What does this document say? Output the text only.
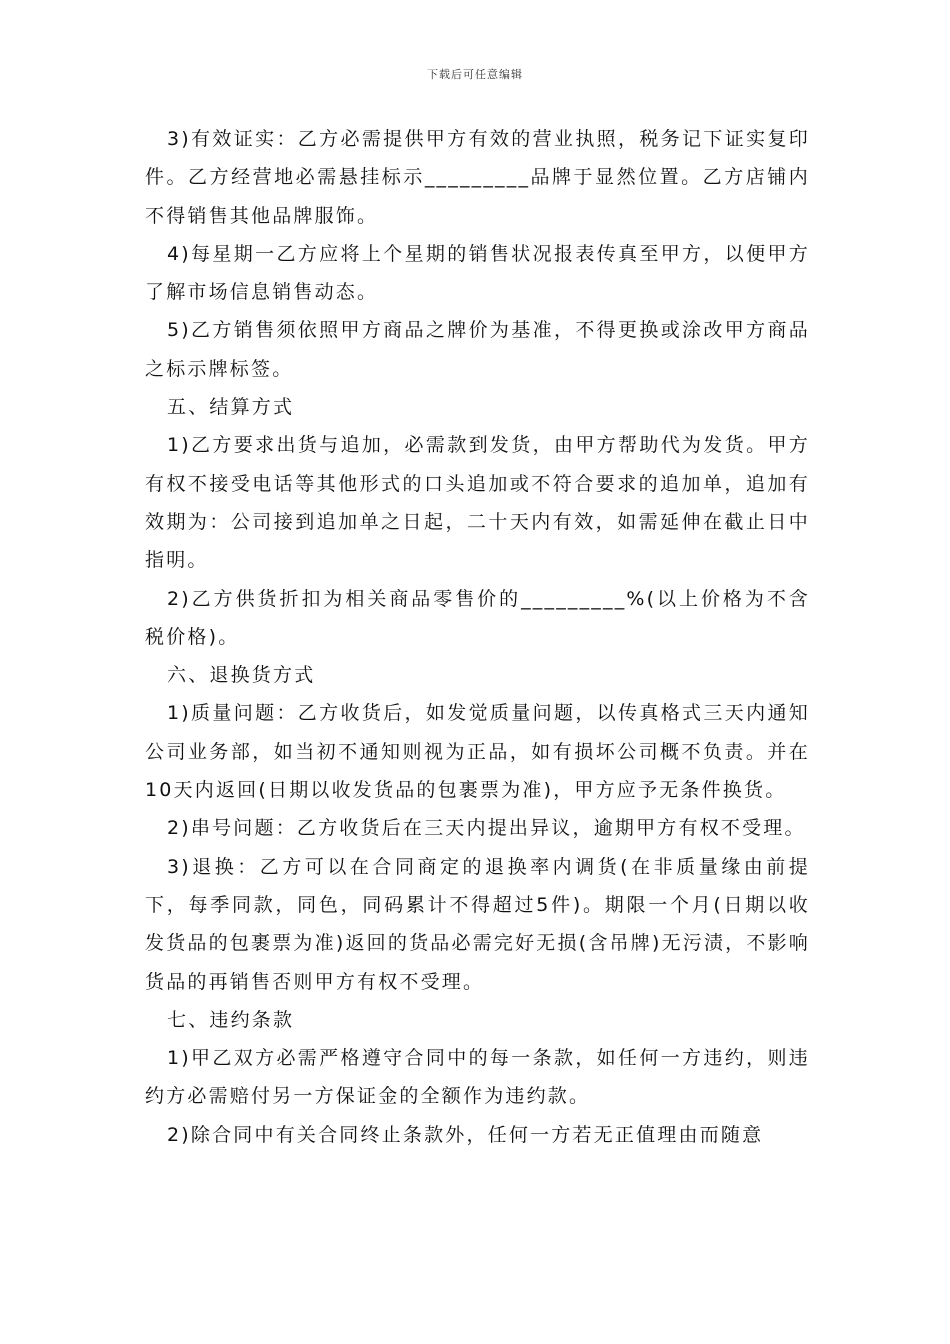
下载后可任意编辑

3)有效证实：乙方必需提供甲方有效的营业执照，税务记下证实复印件。乙方经营地必需悬挂标示_________品牌于显然位置。乙方店铺内不得销售其他品牌服饰。

4)每星期一乙方应将上个星期的销售状况报表传真至甲方，以便甲方了解市场信息销售动态。

5)乙方销售须依照甲方商品之牌价为基准，不得更换或涂改甲方商品之标示牌标签。

五、结算方式

1)乙方要求出货与追加，必需款到发货，由甲方帮助代为发货。甲方有权不接受电话等其他形式的口头追加或不符合要求的追加单，追加有效期为：公司接到追加单之日起，二十天内有效，如需延伸在截止日中指明。

2)乙方供货折扣为相关商品零售价的_________%(以上价格为不含税价格)。

六、退换货方式

1)质量问题：乙方收货后，如发觉质量问题，以传真格式三天内通知公司业务部，如当初不通知则视为正品，如有损坏公司概不负责。并在10天内返回(日期以收发货品的包裹票为准)，甲方应予无条件换货。

2)串号问题：乙方收货后在三天内提出异议，逾期甲方有权不受理。

3)退换：乙方可以在合同商定的退换率内调货(在非质量缘由前提下，每季同款，同色，同码累计不得超过5件)。期限一个月(日期以收发货品的包裹票为准)返回的货品必需完好无损(含吊牌)无污渍，不影响货品的再销售否则甲方有权不受理。

七、违约条款

1)甲乙双方必需严格遵守合同中的每一条款，如任何一方违约，则违约方必需赔付另一方保证金的全额作为违约款。

2)除合同中有关合同终止条款外，任何一方若无正值理由而随意
